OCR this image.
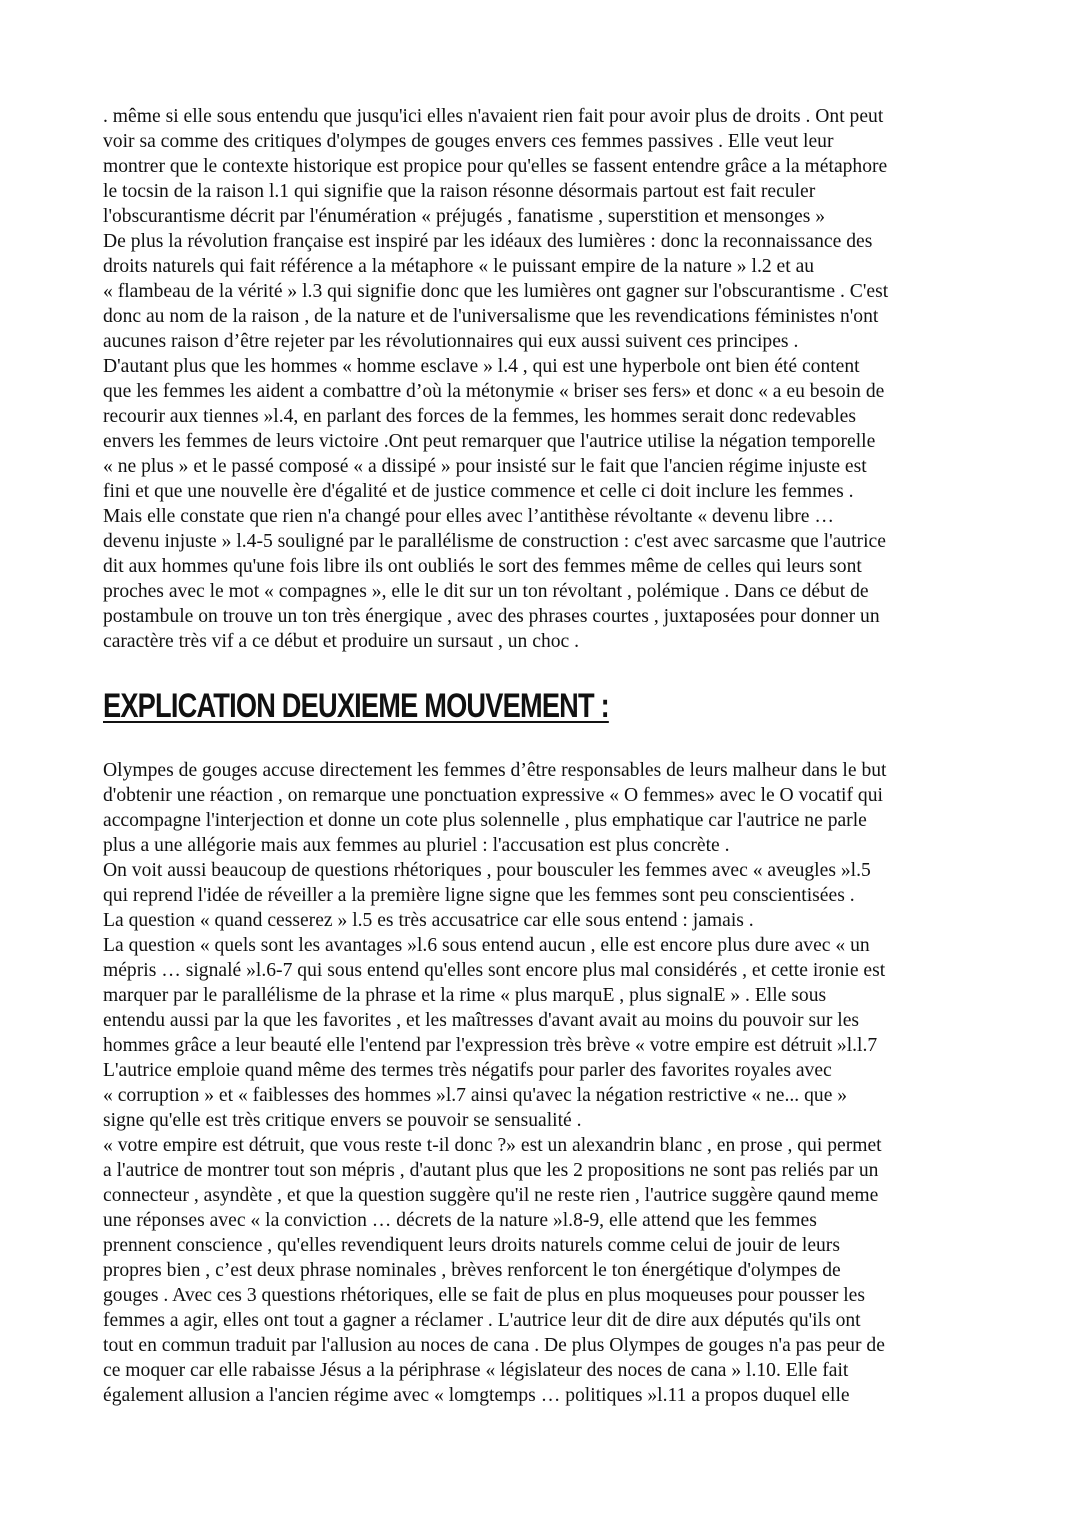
. même si elle sous entendu que jusqu'ici elles n'avaient rien fait pour avoir plus de droits . Ont peut
voir sa comme des critiques d'olympes de gouges envers ces femmes passives . Elle veut leur
montrer que le contexte historique est propice pour qu'elles se fassent entendre grâce a la métaphore
le tocsin de la raison l.1 qui signifie que la raison résonne désormais partout est fait reculer
l'obscurantisme décrit par l'énumération « préjugés , fanatisme , superstition et mensonges »
De plus la révolution française est inspiré par les idéaux des lumières : donc la reconnaissance des
droits naturels qui fait référence a la métaphore « le puissant empire de la nature » l.2 et au
« flambeau de la vérité » l.3 qui signifie donc que les lumières ont gagner sur l'obscurantisme . C'est
donc au nom de la raison , de la nature et de l'universalisme que les revendications féministes n'ont
aucunes raison d’être rejeter par les révolutionnaires qui eux aussi suivent ces principes .
D'autant plus que les hommes « homme esclave » l.4 , qui est une hyperbole ont bien été content
que les femmes les aident a combattre d’où la métonymie « briser ses fers» et donc « a eu besoin de
recourir aux tiennes »l.4, en parlant des forces de la femmes, les hommes serait donc redevables
envers les femmes de leurs victoire .Ont peut remarquer que l'autrice utilise la négation temporelle
« ne plus » et le passé composé « a dissipé » pour insisté sur le fait que l'ancien régime injuste est
fini et que une nouvelle ère d'égalité et de justice commence et celle ci doit inclure les femmes .
Mais elle constate que rien n'a changé pour elles avec l’antithèse révoltante « devenu libre …
devenu injuste » l.4-5 souligné par le parallélisme de construction : c'est avec sarcasme que l'autrice
dit aux hommes qu'une fois libre ils ont oubliés le sort des femmes même de celles qui leurs sont
proches avec le mot « compagnes », elle le dit sur un ton révoltant , polémique . Dans ce début de
postambule on trouve un ton très énergique , avec des phrases courtes , juxtaposées pour donner un
caractère très vif a ce début et produire un sursaut , un choc .
EXPLICATION DEUXIEME MOUVEMENT :
Olympes de gouges accuse directement les femmes d’être responsables de leurs malheur dans le but
d'obtenir une réaction , on remarque une ponctuation expressive « O femmes» avec le O vocatif qui
accompagne l'interjection et donne un cote plus solennelle , plus emphatique car l'autrice ne parle
plus a une allégorie mais aux femmes au pluriel : l'accusation est plus concrète .
On voit aussi beaucoup de questions rhétoriques , pour bousculer les femmes avec « aveugles »l.5
qui reprend l'idée de réveiller a la première ligne signe que les femmes sont peu conscientisées .
La question « quand cesserez » l.5 es très accusatrice car elle sous entend : jamais .
La question « quels sont les avantages »l.6 sous entend aucun , elle est encore plus dure avec « un
mépris … signalé »l.6-7 qui sous entend qu'elles sont encore plus mal considérés , et cette ironie est
marquer par le parallélisme de la phrase et la rime « plus marquE , plus signalE » . Elle sous
entendu aussi par la que les favorites , et les maîtresses d'avant avait au moins du pouvoir sur les
hommes grâce a leur beauté elle l'entend par l'expression très brève « votre empire est détruit »l.l.7
L'autrice emploie quand même des termes très négatifs pour parler des favorites royales avec
« corruption » et « faiblesses des hommes »l.7 ainsi qu'avec la négation restrictive « ne... que »
signe qu'elle est très critique envers se pouvoir se sensualité .
« votre empire est détruit, que vous reste t-il donc ?» est un alexandrin blanc , en prose , qui permet
a l'autrice de montrer tout son mépris , d'autant plus que les 2 propositions ne sont pas reliés par un
connecteur , asyndète , et que la question suggère qu'il ne reste rien , l'autrice suggère qaund meme
une réponses avec « la conviction … décrets de la nature »l.8-9, elle attend que les femmes
prennent conscience , qu'elles revendiquent leurs droits naturels comme celui de jouir de leurs
propres bien , c’est deux phrase nominales , brèves renforcent le ton énergétique d'olympes de
gouges . Avec ces 3 questions rhétoriques, elle se fait de plus en plus moqueuses pour pousser les
femmes a agir, elles ont tout a gagner a réclamer . L'autrice leur dit de dire aux députés qu'ils ont
tout en commun traduit par l'allusion au noces de cana . De plus Olympes de gouges n'a pas peur de
ce moquer car elle rabaisse Jésus a la périphrase « législateur des noces de cana » l.10. Elle fait
également allusion a l'ancien régime avec « lomgtemps … politiques »l.11 a propos duquel elle
